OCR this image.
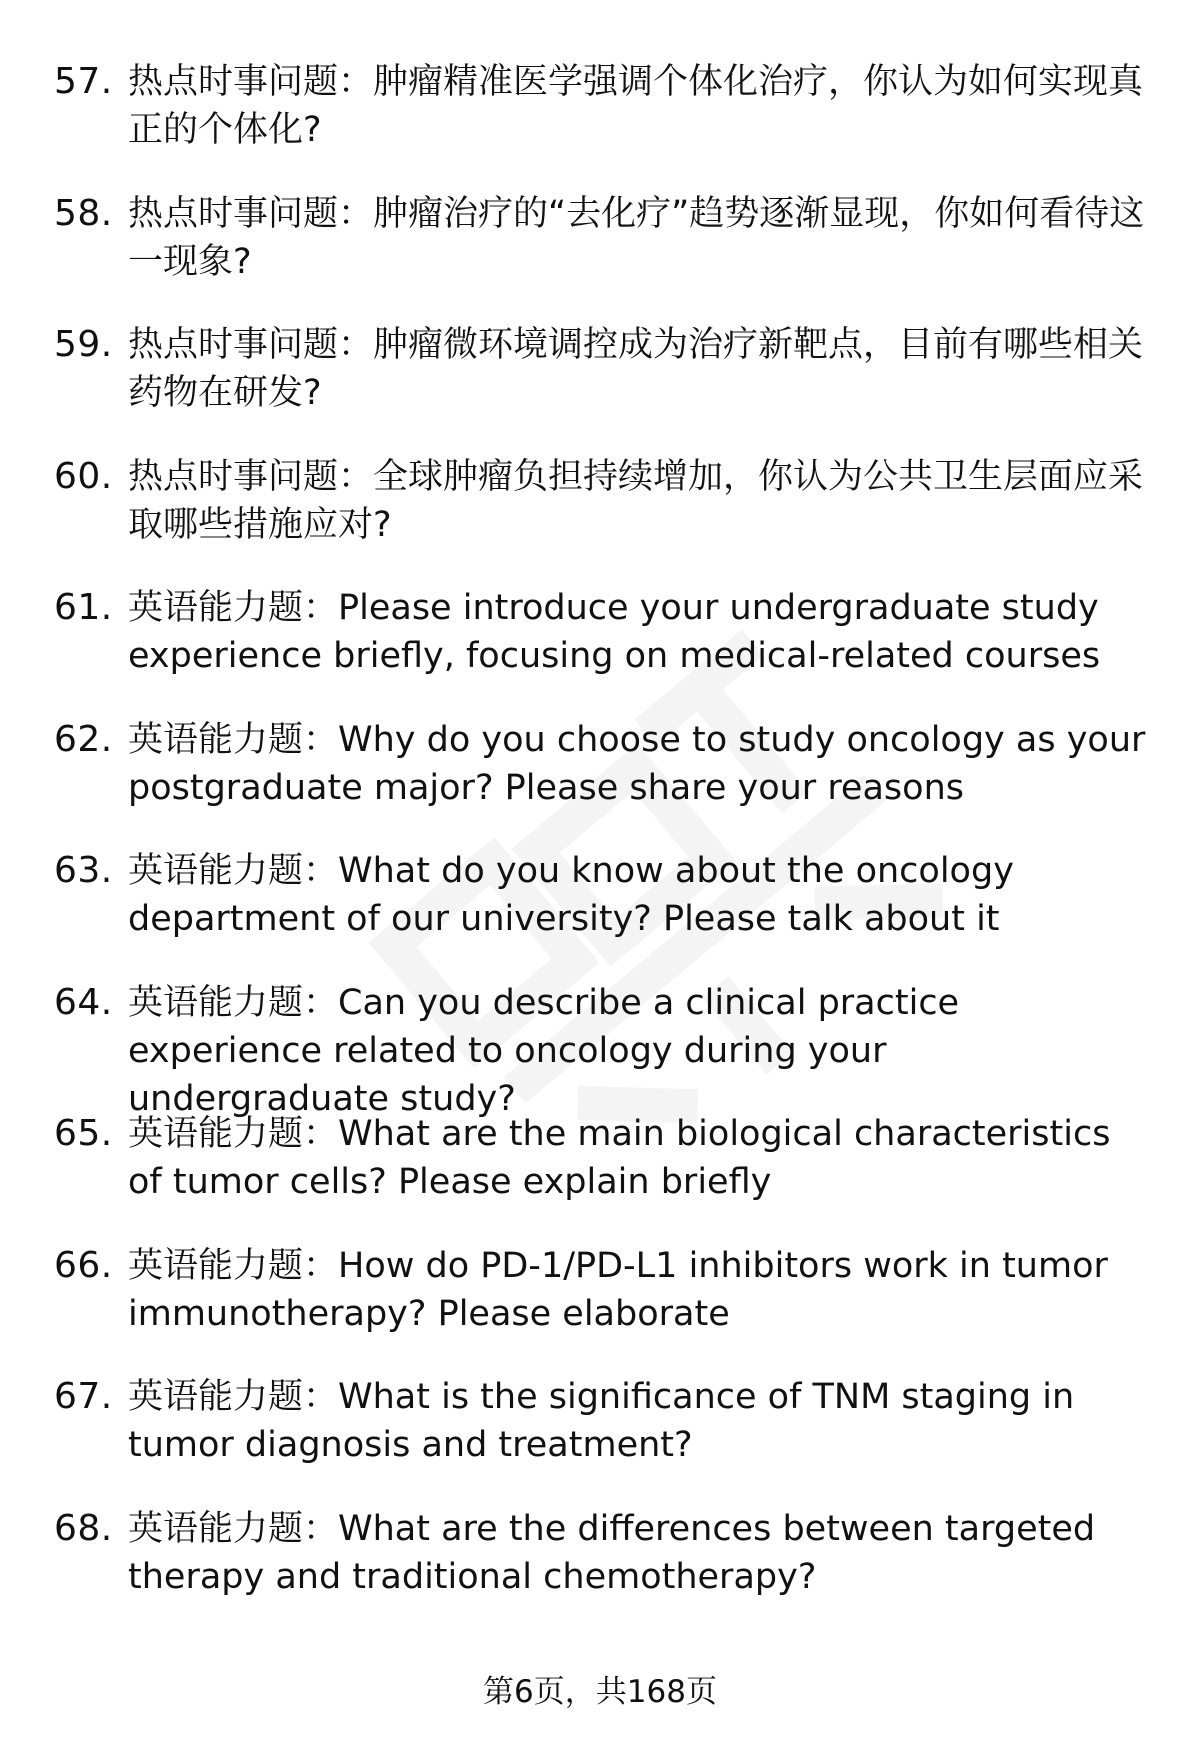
57. 热点时事问题：肿瘤精准医学强调个体化治疗，你认为如何实现真正的个体化?
58. 热点时事问题：肿瘤治疗的“去化疗”趋势逐渐显现，你如何看待这一现象?
59. 热点时事问题：肿瘤微环境调控成为治疗新靶点，目前有哪些相关药物在研发?
60. 热点时事问题：全球肿瘤负担持续增加，你认为公共卫生层面应采取哪些措施应对?
61. 英语能力题：Please introduce your undergraduate study experience briefly, focusing on medical-related courses
62. 英语能力题：Why do you choose to study oncology as your postgraduate major? Please share your reasons
63. 英语能力题：What do you know about the oncology department of our university? Please talk about it
64. 英语能力题：Can you describe a clinical practice experience related to oncology during your undergraduate study?
65. 英语能力题：What are the main biological characteristics of tumor cells? Please explain briefly
66. 英语能力题：How do PD-1/PD-L1 inhibitors work in tumor immunotherapy? Please elaborate
67. 英语能力题：What is the significance of TNM staging in tumor diagnosis and treatment?
68. 英语能力题：What are the differences between targeted therapy and traditional chemotherapy?
第6页，共168页
